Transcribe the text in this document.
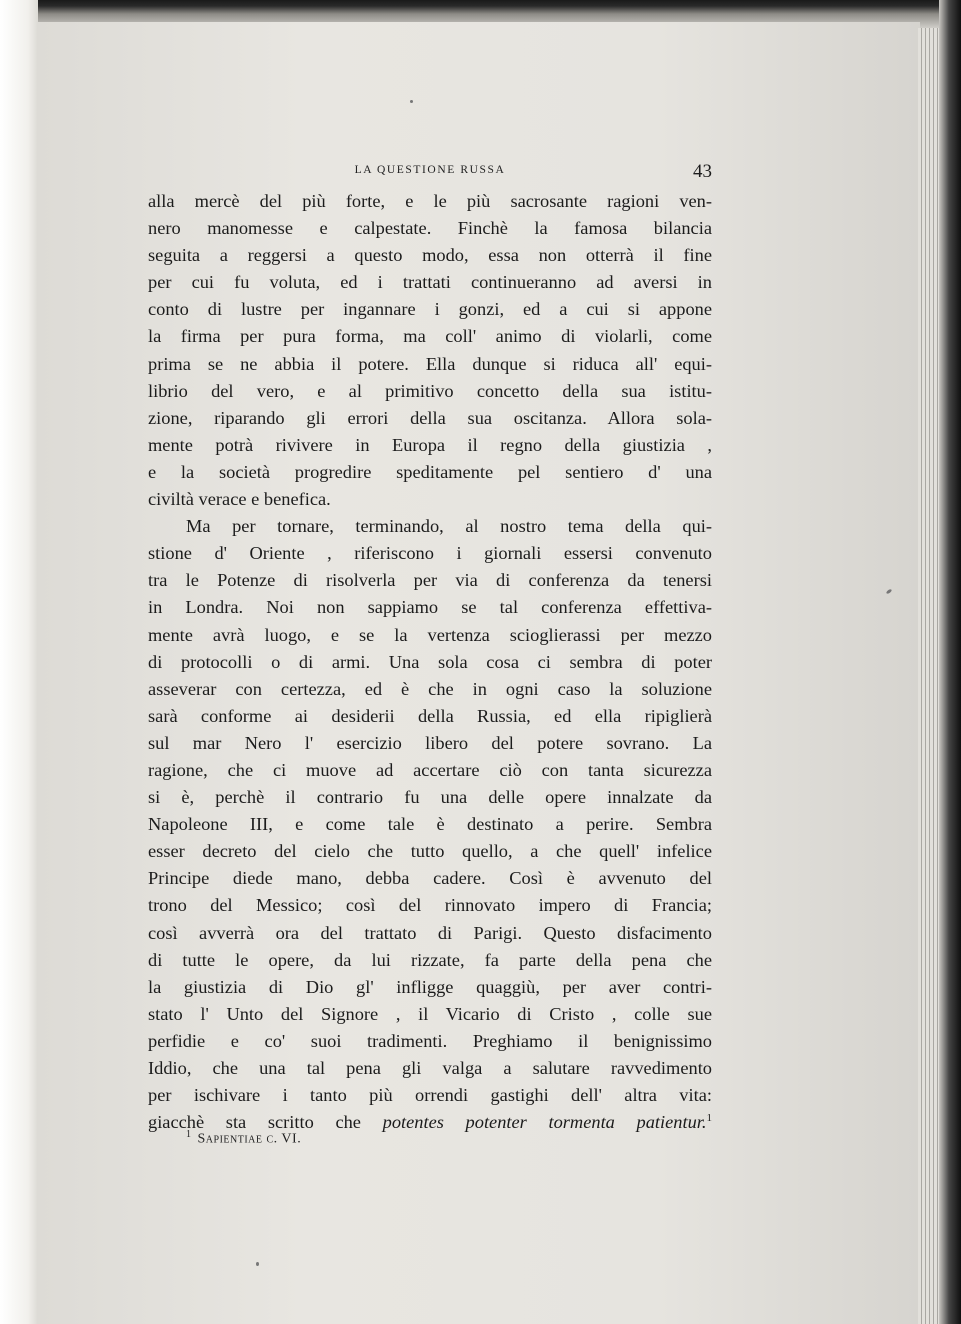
LA QUESTIONE RUSSA	43
alla mercè del più forte, e le più sacrosante ragioni ven-
nero manomesse e calpestate. Finchè la famosa bilancia
seguita a reggersi a questo modo, essa non otterrà il fine
per cui fu voluta, ed i trattati continueranno ad aversi in
conto di lustre per ingannare i gonzi, ed a cui si appone
la firma per pura forma, ma coll' animo di violarli, come
prima se ne abbia il potere. Ella dunque si riduca all' equi-
librio del vero, e al primitivo concetto della sua istitu-
zione, riparando gli errori della sua oscitanza. Allora sola-
mente potrà rivivere in Europa il regno della giustizia ,
e la società progredire speditamente pel sentiero d' una
civiltà verace e benefica.
Ma per tornare, terminando, al nostro tema della qui-
stione d' Oriente , riferiscono i giornali essersi convenuto
tra le Potenze di risolverla per via di conferenza da tenersi
in Londra. Noi non sappiamo se tal conferenza effettiva-
mente avrà luogo, e se la vertenza scioglierassi per mezzo
di protocolli o di armi. Una sola cosa ci sembra di poter
asseverar con certezza, ed è che in ogni caso la soluzione
sarà conforme ai desiderii della Russia, ed ella ripiglierà
sul mar Nero l' esercizio libero del potere sovrano. La
ragione, che ci muove ad accertare ciò con tanta sicurezza
si è, perchè il contrario fu una delle opere innalzate da
Napoleone III, e come tale è destinato a perire. Sembra
esser decreto del cielo che tutto quello, a che quell' infelice
Principe diede mano, debba cadere. Così è avvenuto del
trono del Messico; così del rinnovato impero di Francia;
così avverrà ora del trattato di Parigi. Questo disfacimento
di tutte le opere, da lui rizzate, fa parte della pena che
la giustizia di Dio gl' infligge quaggiù, per aver contri-
stato l' Unto del Signore , il Vicario di Cristo , colle sue
perfidie e co' suoi tradimenti. Preghiamo il benignissimo
Iddio, che una tal pena gli valga a salutare ravvedimento
per ischivare i tanto più orrendi gastighi dell' altra vita:
giacchè sta scritto che potentes potenter tormenta patientur.$^1$
$^1$ Sapientiae c. VI.
